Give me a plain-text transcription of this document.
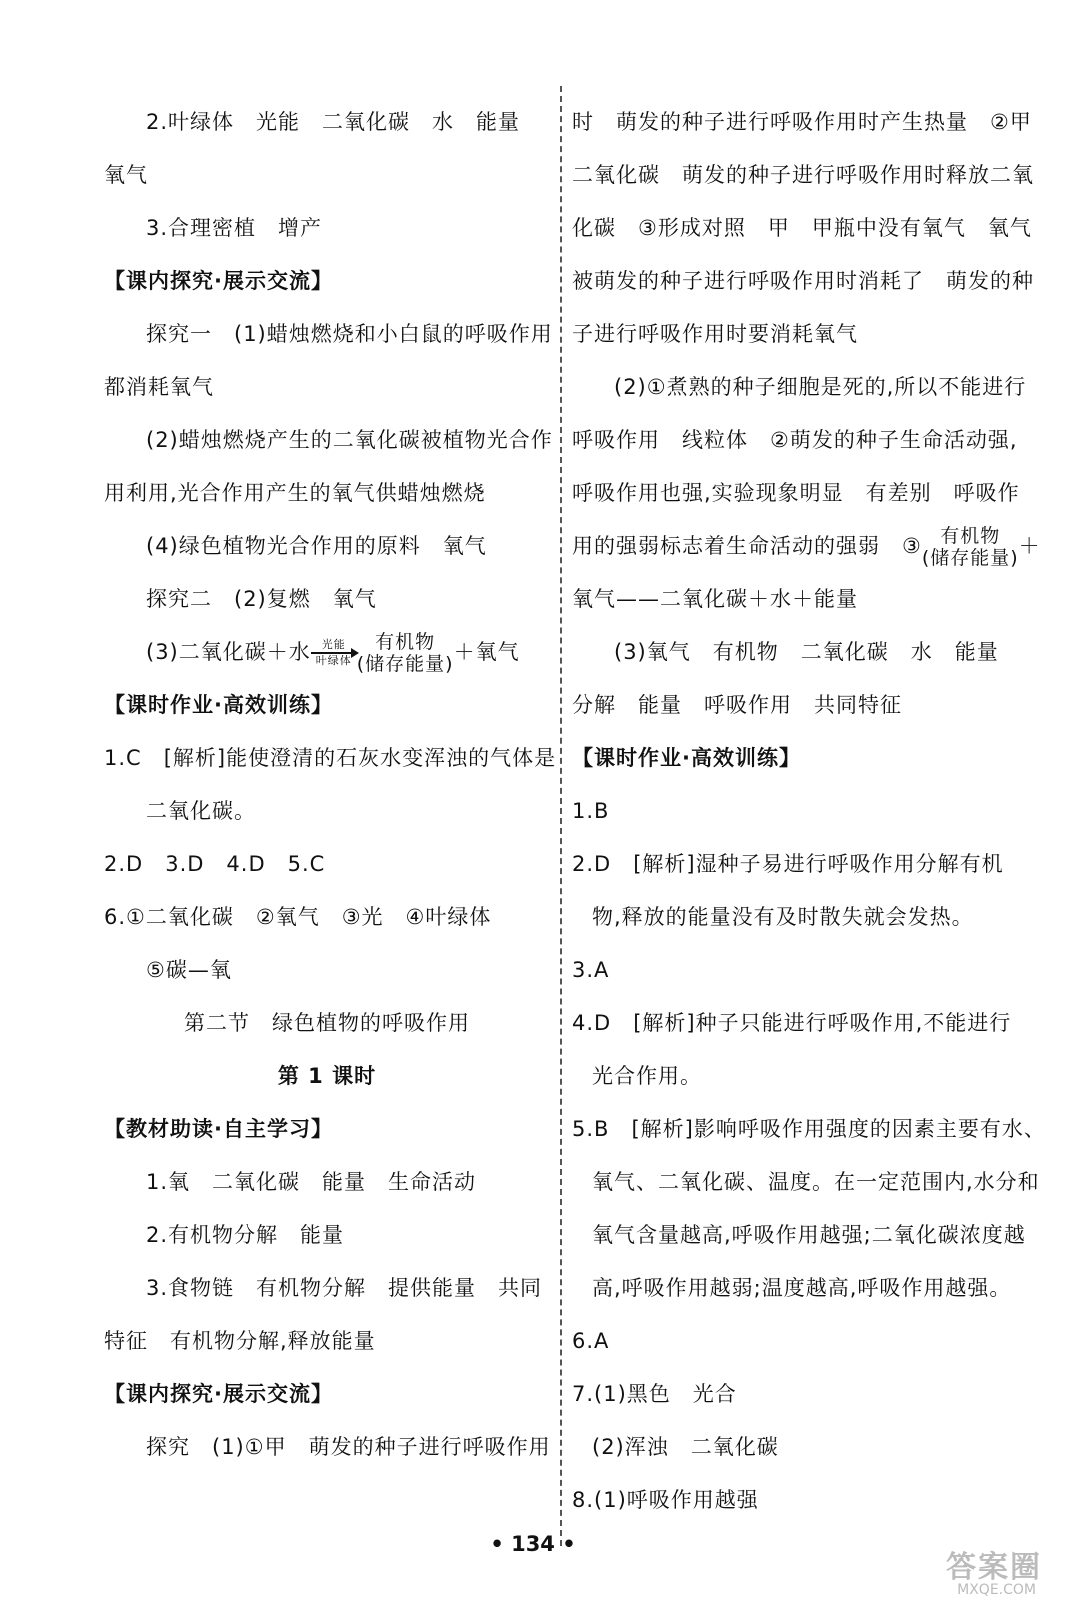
2.叶绿体　光能　二氧化碳　水　能量
氧气
3.合理密植　增产
【课内探究·展示交流】
探究一　(1)蜡烛燃烧和小白鼠的呼吸作用
都消耗氧气
(2)蜡烛燃烧产生的二氧化碳被植物光合作
用利用,光合作用产生的氧气供蜡烛燃烧
(4)绿色植物光合作用的原料　氧气
探究二　(2)复燃　氧气
(3)二氧化碳＋水	光能
叶绿体
有机物
(储存能量) ＋氧气
【课时作业·高效训练】
1.C　[解析]能使澄清的石灰水变浑浊的气体是
二氧化碳。
2.D　3.D　4.D　5.C
6.①二氧化碳　②氧气　③光　④叶绿体
⑤碳—氧
第二节　绿色植物的呼吸作用
第 1 课时
【教材助读·自主学习】
1.氧　二氧化碳　能量　生命活动
2.有机物分解　能量
3.食物链　有机物分解　提供能量　共同
特征　有机物分解,释放能量
【课内探究·展示交流】
探究　(1)①甲　萌发的种子进行呼吸作用
时　萌发的种子进行呼吸作用时产生热量　②甲
二氧化碳　萌发的种子进行呼吸作用时释放二氧
化碳　③形成对照　甲　甲瓶中没有氧气　氧气
被萌发的种子进行呼吸作用时消耗了　萌发的种
子进行呼吸作用时要消耗氧气
(2)①煮熟的种子细胞是死的,所以不能进行
呼吸作用　线粒体　②萌发的种子生命活动强,
呼吸作用也强,实验现象明显　有差别　呼吸作
用的强弱标志着生命活动的强弱　③ 有机物
(储存能量) ＋
氧气——二氧化碳＋水＋能量
(3)氧气　有机物　二氧化碳　水　能量
分解　能量　呼吸作用　共同特征
【课时作业·高效训练】
1.B
2.D　[解析]湿种子易进行呼吸作用分解有机
物,释放的能量没有及时散失就会发热。
3.A
4.D　[解析]种子只能进行呼吸作用,不能进行
光合作用。
5.B　[解析]影响呼吸作用强度的因素主要有水、
氧气、二氧化碳、温度。在一定范围内,水分和
氧气含量越高,呼吸作用越强;二氧化碳浓度越
高,呼吸作用越弱;温度越高,呼吸作用越强。
6.A
7.(1)黑色　光合
(2)浑浊　二氧化碳
8.(1)呼吸作用越强
• 134 •
答案圈
MXQE.COM
